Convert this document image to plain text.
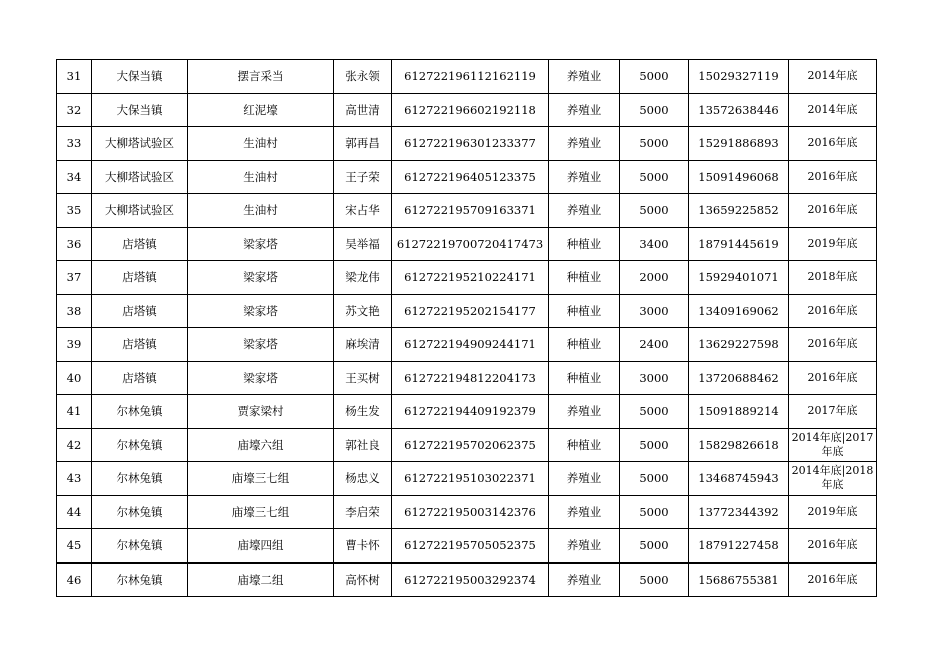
31	大保当镇	摆言采当	张永领	612722196112162119	养殖业	5000	15029327119	2014年底
32	大保当镇	红泥壕	高世清	612722196602192118	养殖业	5000	13572638446	2014年底
33	大柳塔试验区	生油村	郭再昌	612722196301233377	养殖业	5000	15291886893	2016年底
34	大柳塔试验区	生油村	王子荣	612722196405123375	养殖业	5000	15091496068	2016年底
35	大柳塔试验区	生油村	宋占华	612722195709163371	养殖业	5000	13659225852	2016年底
36	店塔镇	梁家塔	吴举福	61272219700720417473	种植业	3400	18791445619	2019年底
37	店塔镇	梁家塔	梁龙伟	612722195210224171	种植业	2000	15929401071	2018年底
38	店塔镇	梁家塔	苏文艳	612722195202154177	种植业	3000	13409169062	2016年底
39	店塔镇	梁家塔	麻埃清	612722194909244171	种植业	2400	13629227598	2016年底
40	店塔镇	梁家塔	王买树	612722194812204173	种植业	3000	13720688462	2016年底
41	尔林兔镇	贾家梁村	杨生发	612722194409192379	养殖业	5000	15091889214	2017年底
42	尔林兔镇	庙壕六组	郭社良	612722195702062375	种植业	5000	15829826618	2014年底|2017年底
43	尔林兔镇	庙壕三七组	杨忠义	612722195103022371	养殖业	5000	13468745943	2014年底|2018年底
44	尔林兔镇	庙壕三七组	李启荣	612722195003142376	养殖业	5000	13772344392	2019年底
45	尔林兔镇	庙壕四组	曹卡怀	612722195705052375	养殖业	5000	18791227458	2016年底
46	尔林兔镇	庙壕二组	高怀树	612722195003292374	养殖业	5000	15686755381	2016年底
